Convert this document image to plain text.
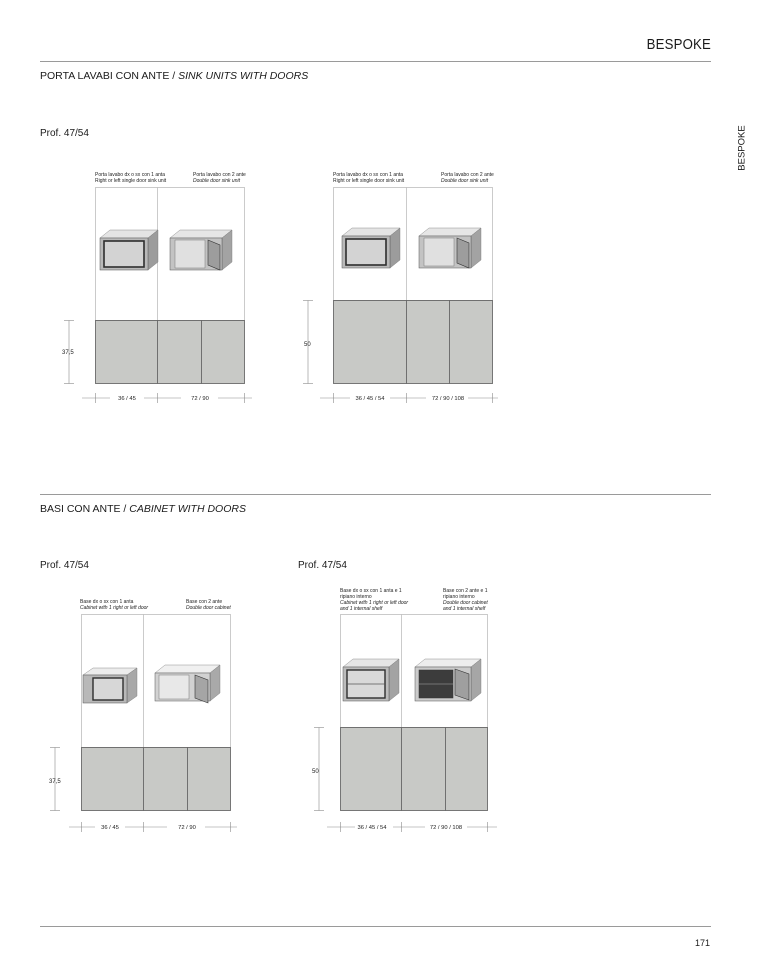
BESPOKE
BESPOKE
PORTA LAVABI CON ANTE / SINK UNITS WITH DOORS
Prof. 47/54
Porta lavabo dx o sx con 1 anta
Right or left single door sink unit
Porta lavabo con 2 ante
Double door sink unit
37,5
36 / 45	72 / 90
Porta lavabo dx o sx con 1 anta
Right or left single door sink unit
Porta lavabo con 2 ante
Double door sink unit
50
36 / 45 / 54	72 / 90 / 108
BASI CON ANTE / CABINET WITH DOORS
Prof. 47/54	Prof. 47/54
Base dx o sx con 1 anta
Cabinet with 1 right or left door
Base con 2 ante
Double door cabinet
37,5
36 / 45	72 / 90
Base dx o sx con 1 anta e 1
ripiano interno
Cabinet with 1 right or left door
and 1 internal shelf
Base con 2 ante e 1
ripiano interno
Double door cabinet
and 1 internal shelf
50
36 / 45 / 54	72 / 90 / 108
171
